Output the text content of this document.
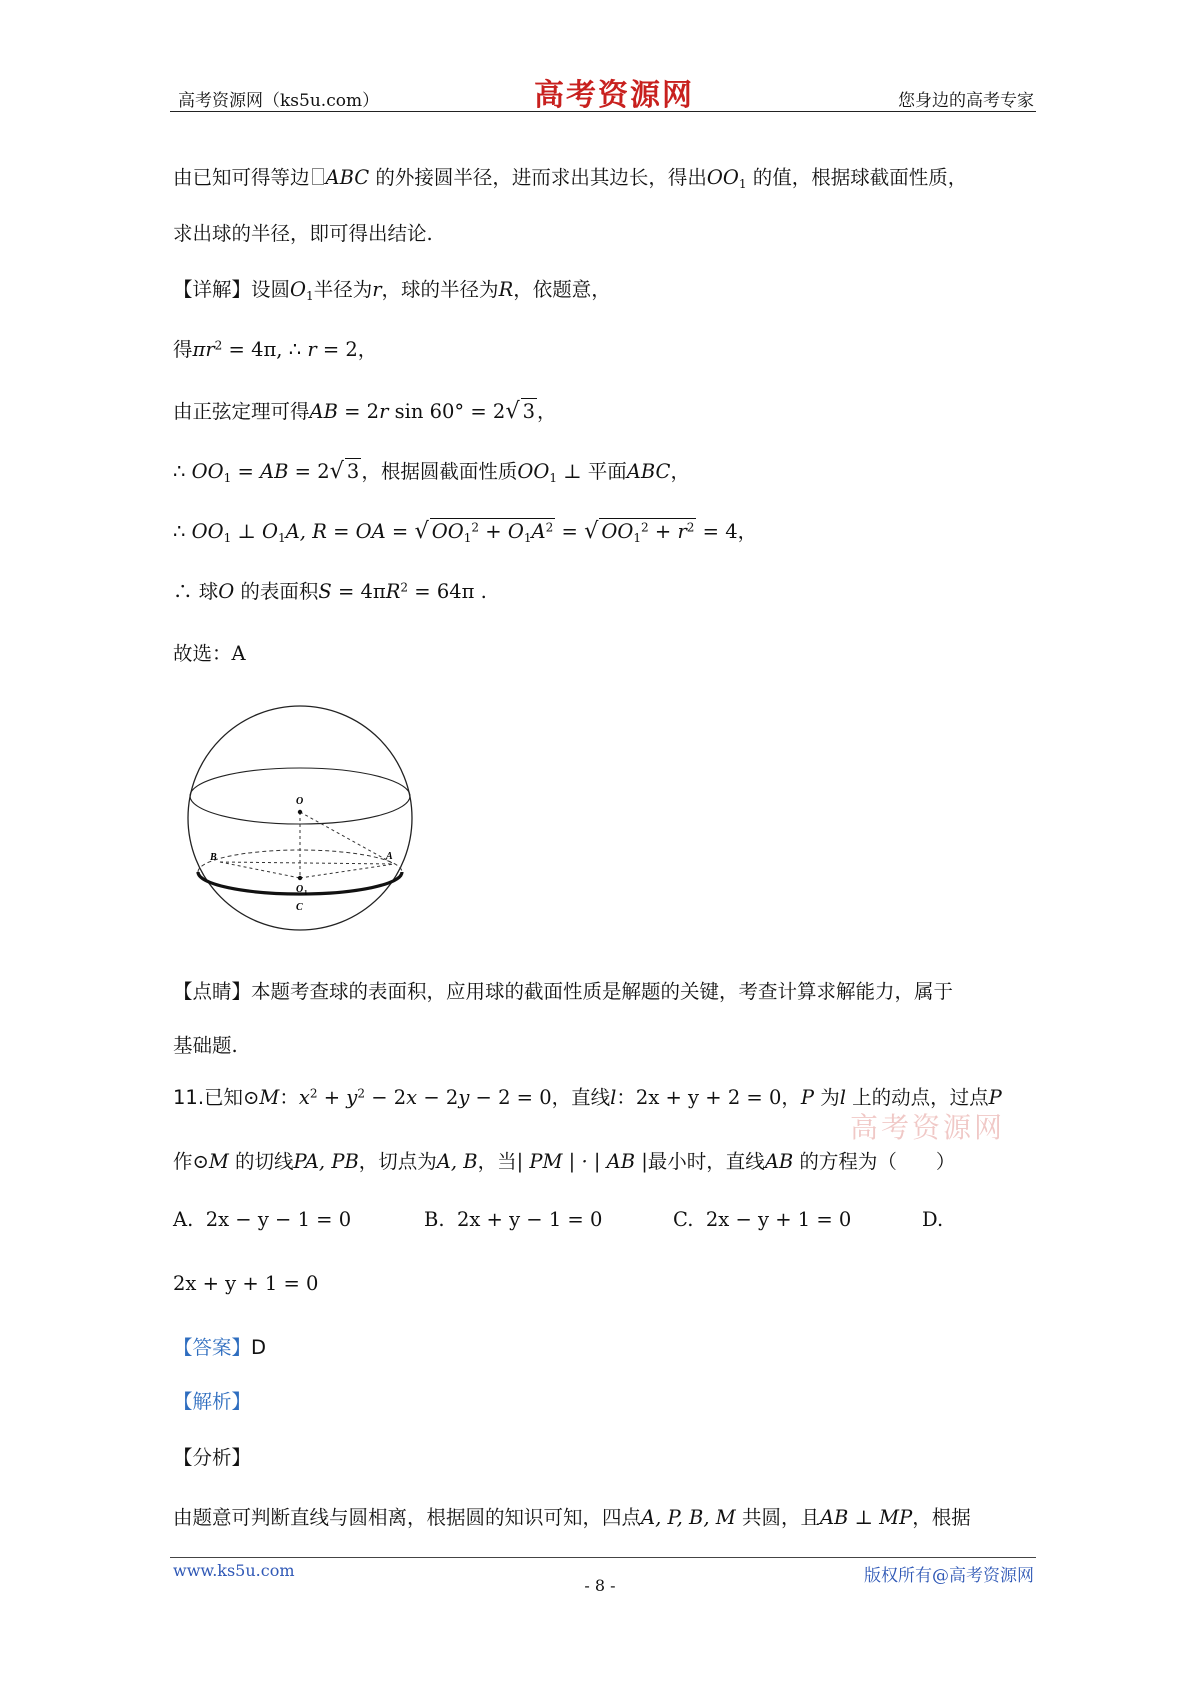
高考资源网（ks5u.com）	高考资源网	您身边的高考专家
由已知可得等边 ABC 的外接圆半径，进而求出其边长，得出$OO_1$ 的值，根据球截面性质，
求出球的半径，即可得出结论.
【详解】设圆$O_1$半径为r，球的半径为R，依题意，
得$\pi r^2 = 4\pi$, ∴ r = 2，
由正弦定理可得AB = 2r sin 60° = 2√ 3 ，
∴ $OO_1$ = AB = 2√ 3 ，根据圆截面性质$OO_1$ ⊥ 平面ABC，
∴ $OO_1$ ⊥ $O_1A$, R = OA = √ $OO_1^2 + O_1A^2$ = √ $OO_1^2 + r^2 = 4$，
∴ 球O 的表面积$S = 4\pi R^2 = 64\pi$ .
故选：A
O
O 1
A
B
C
【点睛】本题考查球的表面积，应用球的截面性质是解题的关键，考查计算求解能力，属于
基础题.
11.已知⊙M：$x^2 + y^2 - 2x - 2y - 2 = 0$，直线l：2x + y + 2 = 0，P 为l 上的动点，过点P
高考资源网
作⊙M 的切线PA, PB，切点为A, B，当| PM | · | AB |最小时，直线AB 的方程为（　　）
A. 2x − y − 1 = 0	B. 2x + y − 1 = 0	C. 2x − y + 1 = 0	D.
2x + y + 1 = 0
【答案】D
【解析】
【分析】
由题意可判断直线与圆相离，根据圆的知识可知，四点A, P, B, M 共圆，且AB ⊥ MP，根据
www.ks5u.com
- 8 -	版权所有@高考资源网
